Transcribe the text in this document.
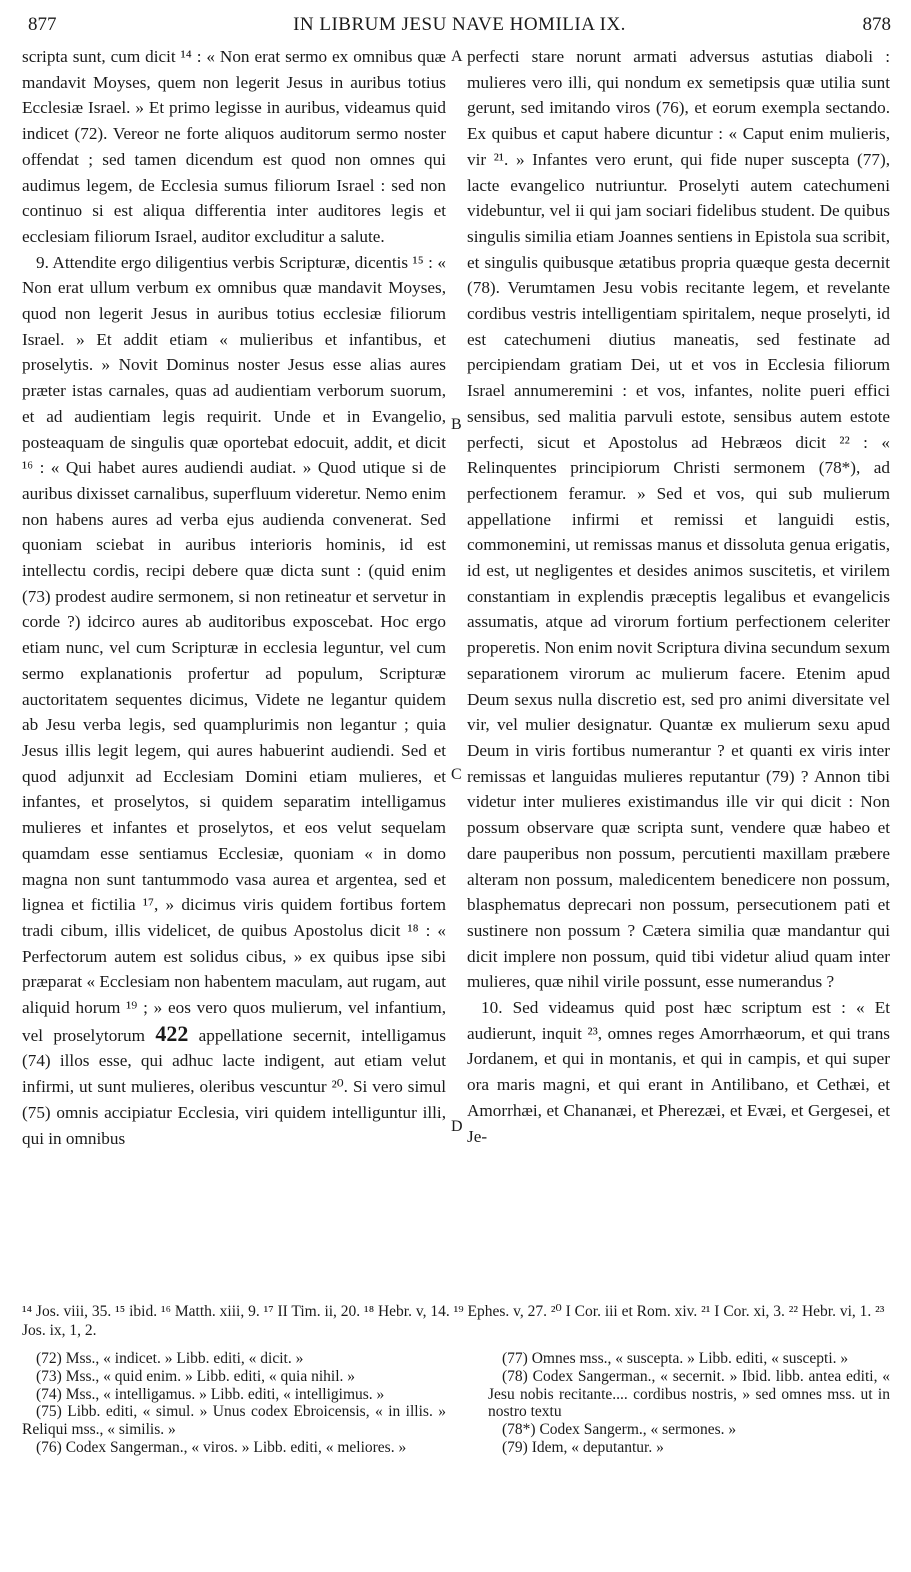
877	IN LIBRUM JESU NAVE HOMILIA IX.	878

scripta sunt, cum dicit ¹⁴ : « Non erat sermo ex omnibus quæ mandavit Moyses, quem non legerit Jesus in auribus totius Ecclesiæ Israel. » Et primo legisse in auribus, videamus quid indicet (72). Vereor ne forte aliquos auditorum sermo noster offendat ; sed tamen dicendum est quod non omnes qui audimus legem, de Ecclesia sumus filiorum Israel : sed non continuo si est aliqua differentia inter auditores legis et ecclesiam filiorum Israel, auditor excluditur a salute.

9. Attendite ergo diligentius verbis Scripturæ, dicentis ¹⁵ : « Non erat ullum verbum ex omnibus quæ mandavit Moyses, quod non legerit Jesus in auribus totius ecclesiæ filiorum Israel. » Et addit etiam « mulieribus et infantibus, et proselytis. » Novit Dominus noster Jesus esse alias aures præter istas carnales, quas ad audientiam verborum suorum, et ad audientiam legis requirit. Unde et in Evangelio, posteaquam de singulis quæ oportebat edocuit, addit, et dicit ¹⁶ : « Qui habet aures audiendi audiat. » Quod utique si de auribus dixisset carnalibus, superfluum videretur. Nemo enim non habens aures ad verba ejus audienda convenerat. Sed quoniam sciebat in auribus interioris hominis, id est intellectu cordis, recipi debere quæ dicta sunt : (quid enim (73) prodest audire sermonem, si non retineatur et servetur in corde ?) idcirco aures ab auditoribus exposcebat. Hoc ergo etiam nunc, vel cum Scripturæ in ecclesia leguntur, vel cum sermo explanationis profertur ad populum, Scripturæ auctoritatem sequentes dicimus, Videte ne legantur quidem ab Jesu verba legis, sed quamplurimis non legantur ; quia Jesus illis legit legem, qui aures habuerint audiendi. Sed et quod adjunxit ad Ecclesiam Domini etiam mulieres, et infantes, et proselytos, si quidem separatim intelligamus mulieres et infantes et proselytos, et eos velut sequelam quamdam esse sentiamus Ecclesiæ, quoniam « in domo magna non sunt tantummodo vasa aurea et argentea, sed et lignea et fictilia ¹⁷, » dicimus viris quidem fortibus fortem tradi cibum, illis videlicet, de quibus Apostolus dicit ¹⁸ : « Perfectorum autem est solidus cibus, » ex quibus ipse sibi præparat « Ecclesiam non habentem maculam, aut rugam, aut aliquid horum ¹⁹ ; » eos vero quos mulierum, vel infantium, vel proselytorum 422 appellatione secernit, intelligamus (74) illos esse, qui adhuc lacte indigent, aut etiam velut infirmi, ut sunt mulieres, oleribus vescuntur ²⁰. Si vero simul (75) omnis accipiatur Ecclesia, viri quidem intelliguntur illi, qui in omnibus

A
B
C
D

perfecti stare norunt armati adversus astutias diaboli : mulieres vero illi, qui nondum ex semetipsis quæ utilia sunt gerunt, sed imitando viros (76), et eorum exempla sectando. Ex quibus et caput habere dicuntur : « Caput enim mulieris, vir ²¹. » Infantes vero erunt, qui fide nuper suscepta (77), lacte evangelico nutriuntur. Proselyti autem catechumeni videbuntur, vel ii qui jam sociari fidelibus student. De quibus singulis similia etiam Joannes sentiens in Epistola sua scribit, et singulis quibusque ætatibus propria quæque gesta decernit (78). Verumtamen Jesu vobis recitante legem, et revelante cordibus vestris intelligentiam spiritalem, neque proselyti, id est catechumeni diutius maneatis, sed festinate ad percipiendam gratiam Dei, ut et vos in Ecclesia filiorum Israel annumeremini : et vos, infantes, nolite pueri effici sensibus, sed malitia parvuli estote, sensibus autem estote perfecti, sicut et Apostolus ad Hebræos dicit ²² : « Relinquentes principiorum Christi sermonem (78*), ad perfectionem feramur. » Sed et vos, qui sub mulierum appellatione infirmi et remissi et languidi estis, commonemini, ut remissas manus et dissoluta genua erigatis, id est, ut negligentes et desides animos suscitetis, et virilem constantiam in explendis præceptis legalibus et evangelicis assumatis, atque ad virorum fortium perfectionem celeriter properetis. Non enim novit Scriptura divina secundum sexum separationem virorum ac mulierum facere. Etenim apud Deum sexus nulla discretio est, sed pro animi diversitate vel vir, vel mulier designatur. Quantæ ex mulierum sexu apud Deum in viris fortibus numerantur ? et quanti ex viris inter remissas et languidas mulieres reputantur (79) ? Annon tibi videtur inter mulieres existimandus ille vir qui dicit : Non possum observare quæ scripta sunt, vendere quæ habeo et dare pauperibus non possum, percutienti maxillam præbere alteram non possum, maledicentem benedicere non possum, blasphematus deprecari non possum, persecutionem pati et sustinere non possum ? Cætera similia quæ mandantur qui dicit implere non possum, quid tibi videtur aliud quam inter mulieres, quæ nihil virile possunt, esse numerandus ?

10. Sed videamus quid post hæc scriptum est : « Et audierunt, inquit ²³, omnes reges Amorrhæorum, et qui trans Jordanem, et qui in montanis, et qui in campis, et qui super ora maris magni, et qui erant in Antilibano, et Cethæi, et Amorrhæi, et Chananæi, et Pherezæi, et Evæi, et Gergesei, et Je-

¹⁴ Jos. viii, 35. ¹⁵ ibid. ¹⁶ Matth. xiii, 9. ¹⁷ II Tim. ii, 20. ¹⁸ Hebr. v, 14. ¹⁹ Ephes. v, 27. ²⁰ I Cor. iii et Rom. xiv. ²¹ I Cor. xi, 3. ²² Hebr. vi, 1. ²³ Jos. ix, 1, 2.

(72) Mss., « indicet. » Libb. editi, « dicit. »

(73) Mss., « quid enim. » Libb. editi, « quia nihil. »

(74) Mss., « intelligamus. » Libb. editi, « intelligimus. »

(75) Libb. editi, « simul. » Unus codex Ebroicensis, « in illis. » Reliqui mss., « similis. »

(76) Codex Sangerman., « viros. » Libb. editi, « meliores. »

(77) Omnes mss., « suscepta. » Libb. editi, « suscepti. »

(78) Codex Sangerman., « secernit. » Ibid. libb. antea editi, « Jesu nobis recitante.... cordibus nostris, » sed omnes mss. ut in nostro textu

(78*) Codex Sangerm., « sermones. »

(79) Idem, « deputantur. »
